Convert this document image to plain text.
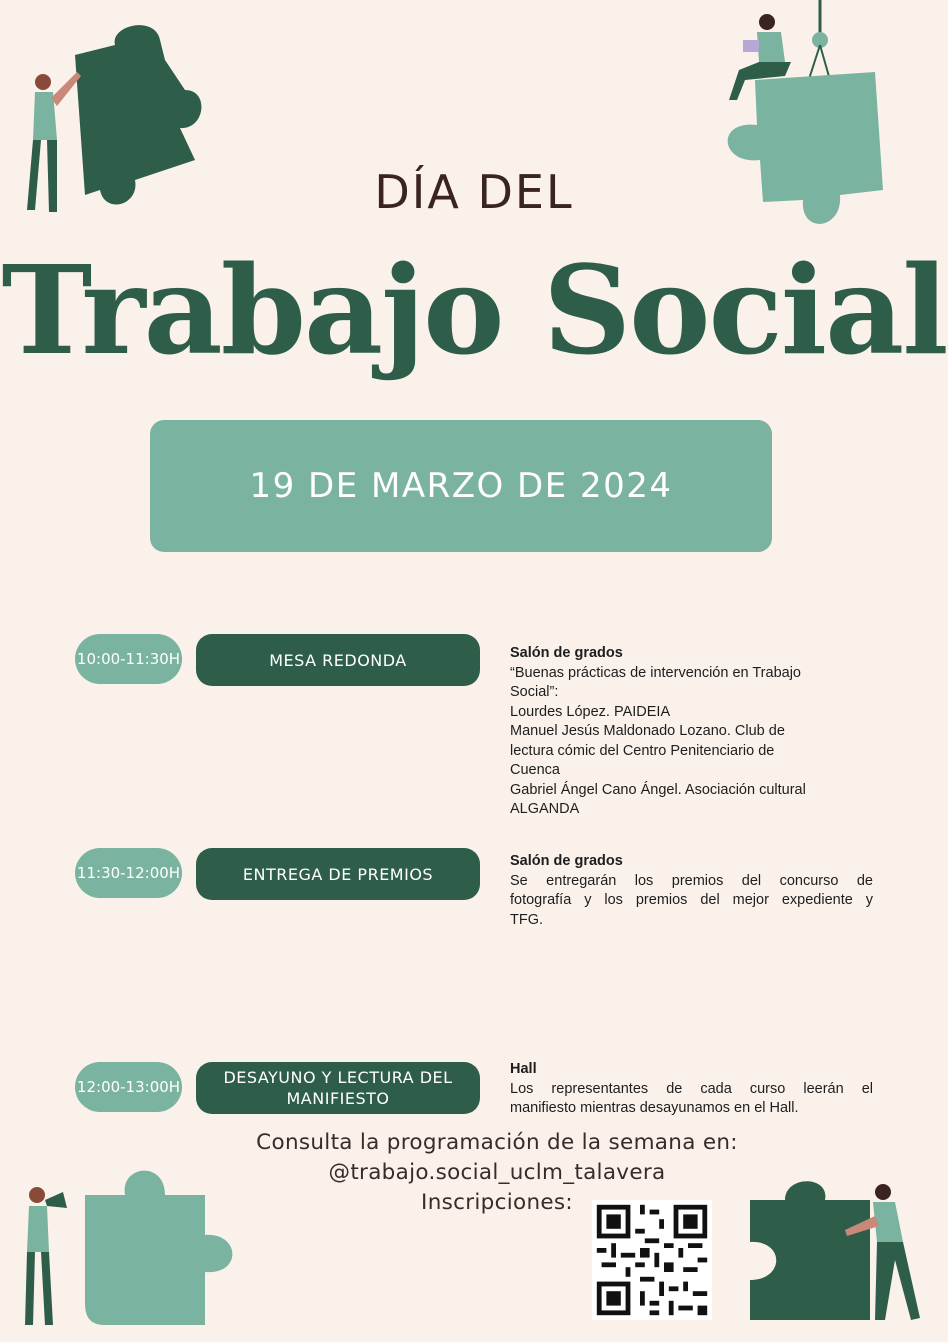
DÍA DEL
Trabajo Social
19 DE MARZO DE 2024
10:00-11:30H	MESA REDONDA	Salón de grados
“Buenas prácticas de intervención en Trabajo
Social”:
Lourdes López. PAIDEIA
Manuel Jesús Maldonado Lozano. Club de
lectura cómic del Centro Penitenciario de
Cuenca
Gabriel Ángel Cano Ángel. Asociación cultural
ALGANDA
11:30-12:00H	ENTREGA DE PREMIOS
Salón de grados
Se entregarán los premios del concurso de
fotografía y los premios del mejor expediente y
TFG.
12:00-13:00H	DESAYUNO Y LECTURA DEL MANIFIESTO
Hall
Los representantes de cada curso leerán el
manifiesto mientras desayunamos en el Hall.
Consulta la programación de la semana en:
@trabajo.social_uclm_talavera
Inscripciones:
